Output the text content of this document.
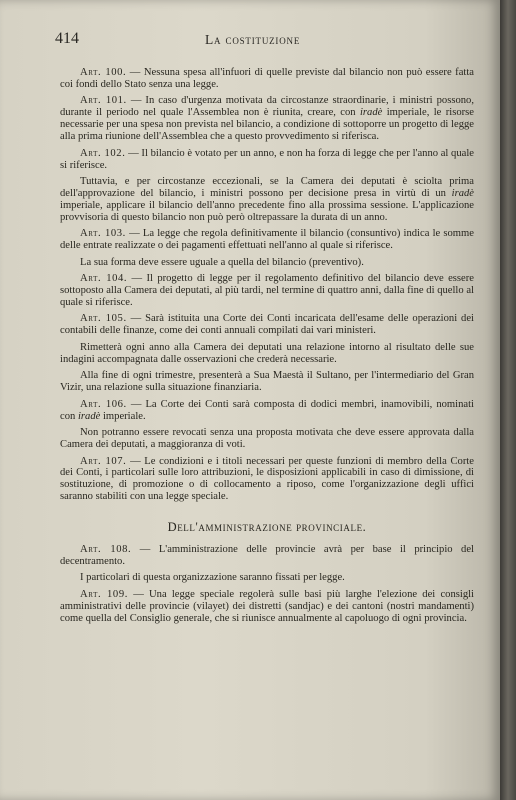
414	La costituzione

Art. 100. — Nessuna spesa all'infuori di quelle previste dal bilancio non può essere fatta coi fondi dello Stato senza una legge.

Art. 101. — In caso d'urgenza motivata da circostanze straordinarie, i ministri possono, durante il periodo nel quale l'Assemblea non è riunita, creare, con iradè imperiale, le risorse necessarie per una spesa non prevista nel bilancio, a condizione di sottoporre un progetto di legge alla prima riunione dell'Assemblea che a questo provvedimento si riferisca.

Art. 102. — Il bilancio è votato per un anno, e non ha forza di legge che per l'anno al quale si riferisce.

Tuttavia, e per circostanze eccezionali, se la Camera dei deputati è sciolta prima dell'approvazione del bilancio, i ministri possono per decisione presa in virtù di un iradè imperiale, applicare il bilancio dell'anno precedente fino alla prossima sessione. L'applicazione provvisoria di questo bilancio non può però oltrepassare la durata di un anno.

Art. 103. — La legge che regola definitivamente il bilancio (consuntivo) indica le somme delle entrate realizzate o dei pagamenti effettuati nell'anno al quale si riferisce.

La sua forma deve essere uguale a quella del bilancio (preventivo).

Art. 104. — Il progetto di legge per il regolamento definitivo del bilancio deve essere sottoposto alla Camera dei deputati, al più tardi, nel termine di quattro anni, dalla fine di quello al quale si riferisce.

Art. 105. — Sarà istituita una Corte dei Conti incaricata dell'esame delle operazioni dei contabili delle finanze, come dei conti annuali compilati dai vari ministeri.

Rimetterà ogni anno alla Camera dei deputati una relazione intorno al risultato delle sue indagini accompagnata dalle osservazioni che crederà necessarie.

Alla fine di ogni trimestre, presenterà a Sua Maestà il Sultano, per l'intermediario del Gran Vizir, una relazione sulla situazione finanziaria.

Art. 106. — La Corte dei Conti sarà composta di dodici membri, inamovibili, nominati con iradè imperiale.

Non potranno essere revocati senza una proposta motivata che deve essere approvata dalla Camera dei deputati, a maggioranza di voti.

Art. 107. — Le condizioni e i titoli necessari per queste funzioni di membro della Corte dei Conti, i particolari sulle loro attribuzioni, le disposizioni applicabili in caso di dimissione, di sostituzione, di promozione o di collocamento a riposo, come l'organizzazione degli uffici saranno stabiliti con una legge speciale.

Dell'amministrazione provinciale.

Art. 108. — L'amministrazione delle provincie avrà per base il principio del decentramento.

I particolari di questa organizzazione saranno fissati per legge.

Art. 109. — Una legge speciale regolerà sulle basi più larghe l'elezione dei consigli amministrativi delle provincie (vilayet) dei distretti (sandjac) e dei cantoni (nostri mandamenti) come quella del Consiglio generale, che si riunisce annualmente al capoluogo di ogni provincia.
